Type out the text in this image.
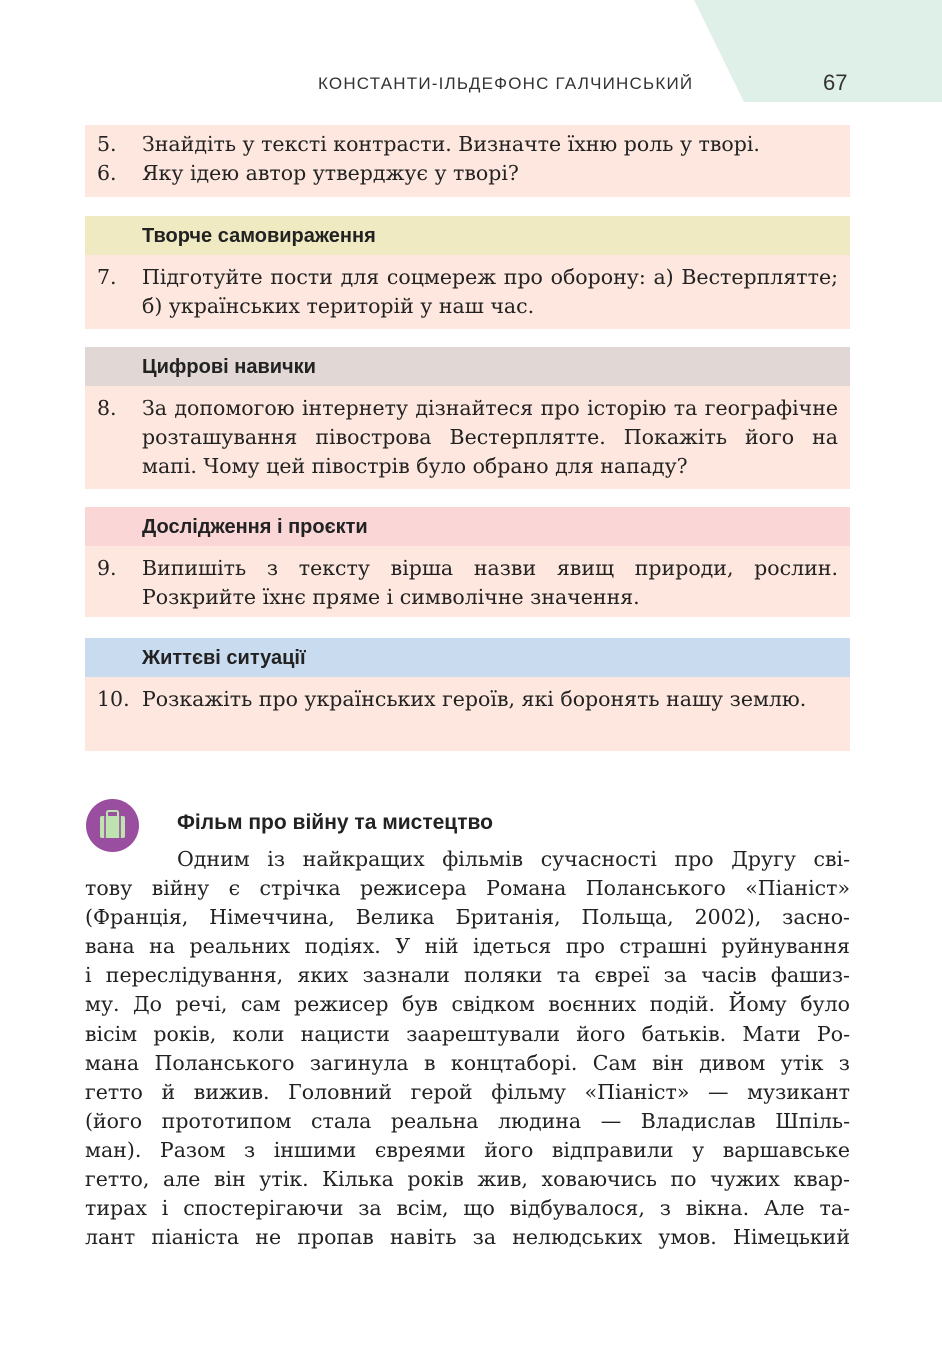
КОНСТАНТИ-ІЛЬДЕФОНС ГАЛЧИНСЬКИЙ	67
5.	Знайдіть у тексті контрасти. Визначте їхню роль у творі.
6.	Яку ідею автор утверджує у творі?
Творче самовираження
7.	Підготуйте пости для соцмереж про оборону: а) Вестерплятте; б) українських територій у наш час.
Цифрові навички
8.	За допомогою інтернету дізнайтеся про історію та географічне розташування півострова Вестерплятте. Покажіть його на мапі. Чому цей півострів було обрано для нападу?
Дослідження і проєкти
9.	Випишіть з тексту вірша назви явищ природи, рослин. Розкрийте їхнє пряме і символічне значення.
Життєві ситуації
10. Розкажіть про українських героїв, які боронять нашу землю.
Фільм про війну та мистецтво
Одним із найкращих фільмів сучасності про Другу сві-
тову війну є стрічка режисера Романа Поланського «Піаніст»
(Франція, Німеччина, Велика Британія, Польща, 2002), засно-
вана на реальних подіях. У ній ідеться про страшні руйнування
і переслідування, яких зазнали поляки та євреї за часів фашиз-
му. До речі, сам режисер був свідком воєнних подій. Йому було
вісім років, коли нацисти заарештували його батьків. Мати Ро-
мана Поланського загинула в концтаборі. Сам він дивом утік з
гетто й вижив. Головний герой фільму «Піаніст» — музикант
(його прототипом стала реальна людина — Владислав Шпіль-
ман). Разом з іншими євреями його відправили у варшавське
гетто, але він утік. Кілька років жив, ховаючись по чужих квар-
тирах і спостерігаючи за всім, що відбувалося, з вікна. Але та-
лант піаніста не пропав навіть за нелюдських умов. Німецький
